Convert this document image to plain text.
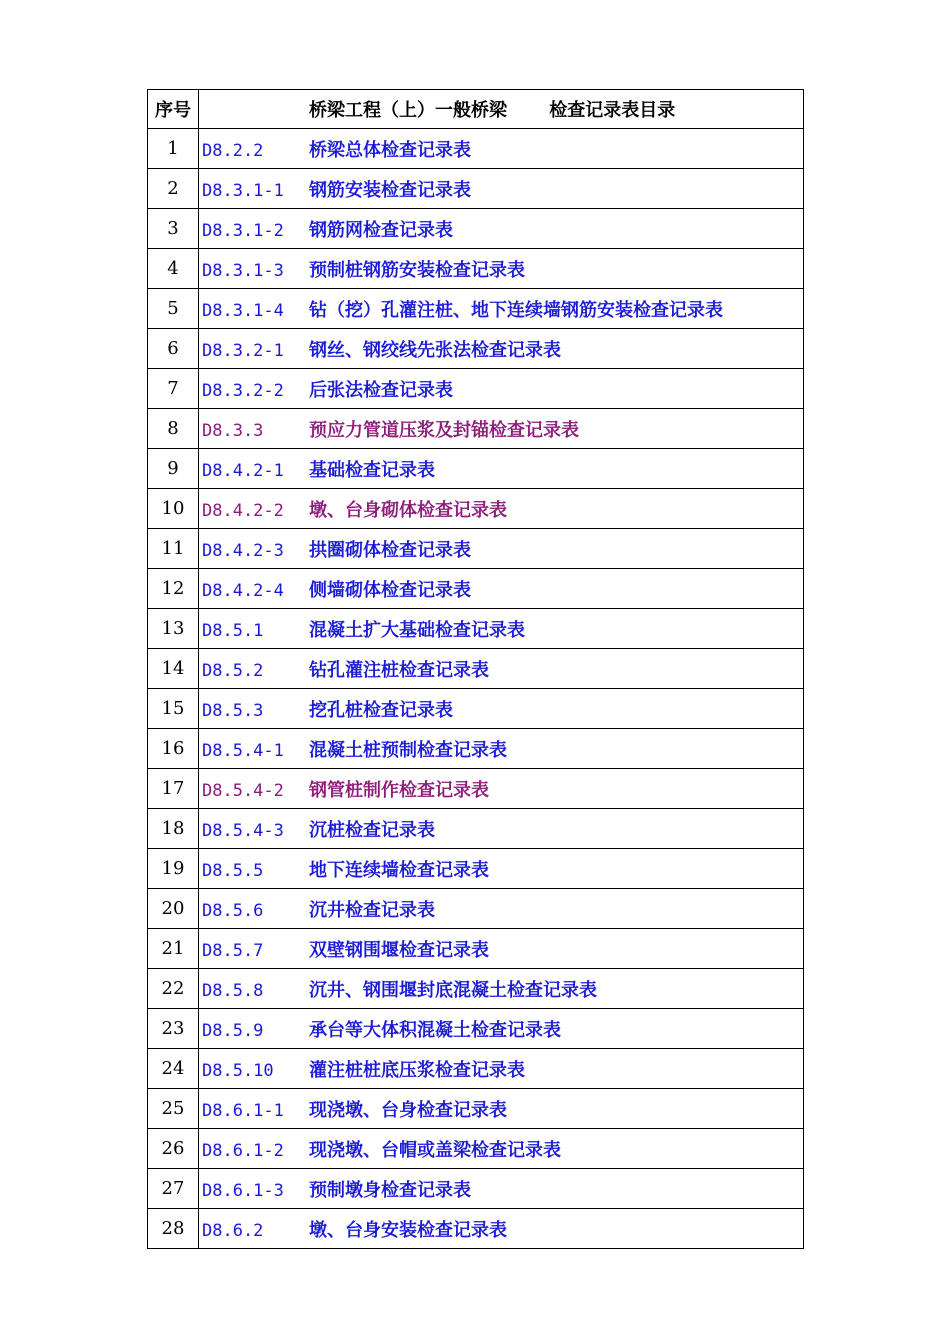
序号	桥梁工程（上）一般桥梁 检查记录表目录
1	D8.2.2 桥梁总体检查记录表
2	D8.3.1-1 钢筋安装检查记录表
3	D8.3.1-2 钢筋网检查记录表
4	D8.3.1-3 预制桩钢筋安装检查记录表
5	D8.3.1-4 钻（挖）孔灌注桩、地下连续墙钢筋安装检查记录表
6	D8.3.2-1 钢丝、钢绞线先张法检查记录表
7	D8.3.2-2 后张法检查记录表
8	D8.3.3 预应力管道压浆及封锚检查记录表
9	D8.4.2-1 基础检查记录表
10	D8.4.2-2 墩、台身砌体检查记录表
11	D8.4.2-3 拱圈砌体检查记录表
12	D8.4.2-4 侧墙砌体检查记录表
13	D8.5.1 混凝土扩大基础检查记录表
14	D8.5.2 钻孔灌注桩检查记录表
15	D8.5.3 挖孔桩检查记录表
16	D8.5.4-1 混凝土桩预制检查记录表
17	D8.5.4-2 钢管桩制作检查记录表
18	D8.5.4-3 沉桩检查记录表
19	D8.5.5 地下连续墙检查记录表
20	D8.5.6 沉井检查记录表
21	D8.5.7 双壁钢围堰检查记录表
22	D8.5.8 沉井、钢围堰封底混凝土检查记录表
23	D8.5.9 承台等大体积混凝土检查记录表
24	D8.5.10 灌注桩桩底压浆检查记录表
25	D8.6.1-1 现浇墩、台身检查记录表
26	D8.6.1-2 现浇墩、台帽或盖梁检查记录表
27	D8.6.1-3 预制墩身检查记录表
28	D8.6.2 墩、台身安装检查记录表
